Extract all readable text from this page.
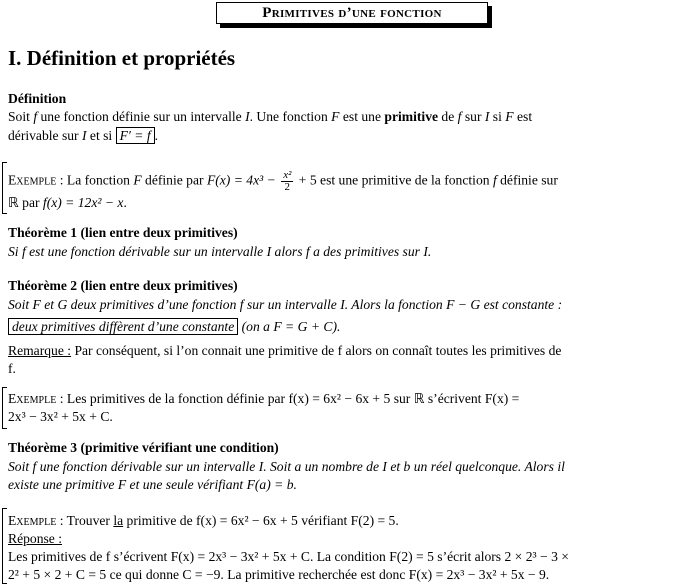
Primitives d’une fonction
I. Définition et propriétés
Définition
Soit f une fonction définie sur un intervalle I. Une fonction F est une primitive de f sur I si F est
dérivable sur I et si F′ = f .
Exemple : La fonction F définie par $F(x) = 4x^3 - \frac{\text{x²}}{2} + 5$ est une primitive de la fonction f définie sur
ℝ par f(x) = 12x² − x.
Théorème 1 (lien entre deux primitives)
Si f est une fonction dérivable sur un intervalle I alors f a des primitives sur I.
Théorème 2 (lien entre deux primitives)
Soit F et G deux primitives d’une fonction f sur un intervalle I. Alors la fonction F − G est constante :
deux primitives diffèrent d’une constante (on a F = G + C).
Remarque : Par conséquent, si l’on connait une primitive de f alors on connaît toutes les primitives de
f.
Exemple : Les primitives de la fonction définie par f(x) = 6x² − 6x + 5 sur ℝ s’écrivent F(x) =
2x³ − 3x² + 5x + C.
Théorème 3 (primitive vérifiant une condition)
Soit f une fonction dérivable sur un intervalle I. Soit a un nombre de I et b un réel quelconque. Alors il
existe une primitive F et une seule vérifiant F(a) = b.
Exemple : Trouver la primitive de f(x) = 6x² − 6x + 5 vérifiant F(2) = 5.
Réponse :
Les primitives de f s’écrivent F(x) = 2x³ − 3x² + 5x + C. La condition F(2) = 5 s’écrit alors 2 × 2³ − 3 ×
2² + 5 × 2 + C = 5 ce qui donne C = −9. La primitive recherchée est donc F(x) = 2x³ − 3x² + 5x − 9.
